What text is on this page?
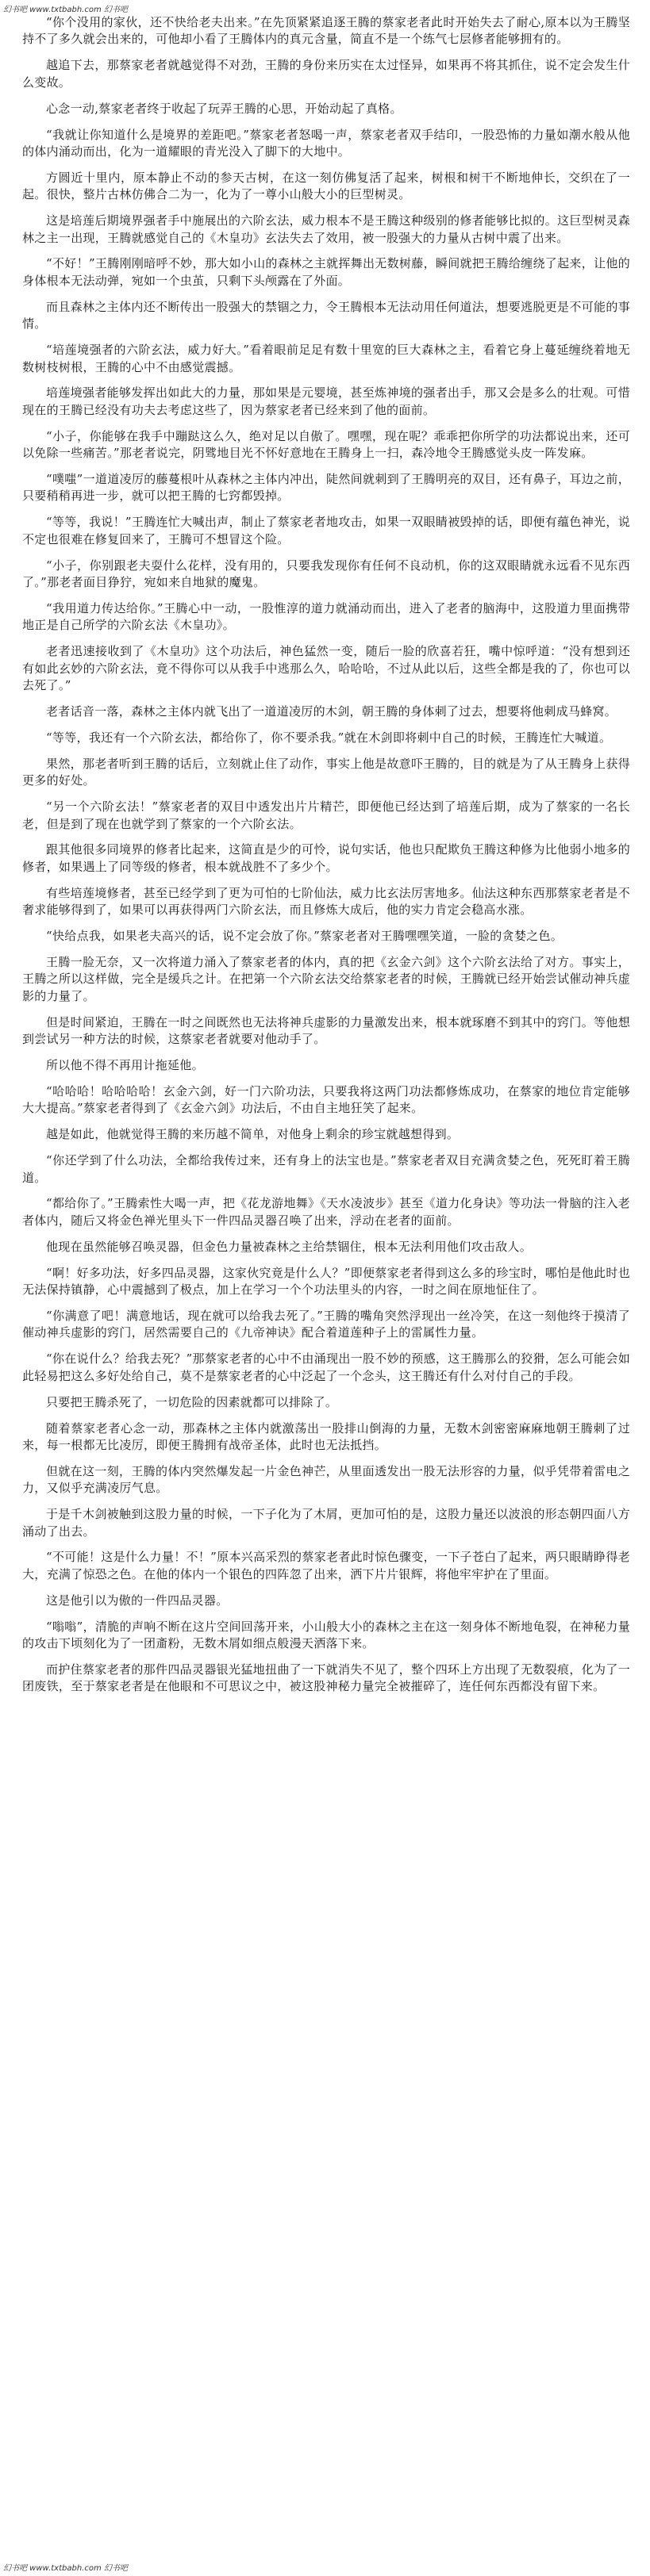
幻书吧 www.txtbabh.com 幻书吧

“你个没用的家伙，还不快给老夫出来。”在先顶紧紧追逐王腾的蔡家老者此时开始失去了耐心,原本以为王腾坚持不了多久就会出来的，可他却小看了王腾体内的真元含量，简直不是一个练气七层修者能够拥有的。

越追下去，那蔡家老者就越觉得不对劲，王腾的身份来历实在太过怪异，如果再不将其抓住，说不定会发生什么变故。

心念一动,蔡家老者终于收起了玩弄王腾的心思，开始动起了真格。

“我就让你知道什么是境界的差距吧。”蔡家老者怒喝一声，蔡家老者双手结印，一股恐怖的力量如潮水般从他的体内涌动而出，化为一道耀眼的青光没入了脚下的大地中。

方圆近十里内，原本静止不动的参天古树，在这一刻仿佛复活了起来，树根和树干不断地伸长，交织在了一起。很快，整片古林仿佛合二为一，化为了一尊小山般大小的巨型树灵。

这是培莲后期境界强者手中施展出的六阶玄法，威力根本不是王腾这种级别的修者能够比拟的。这巨型树灵森林之主一出现，王腾就感觉自己的《木皇功》玄法失去了效用，被一股强大的力量从古树中震了出来。

“不好！”王腾刚刚暗呼不妙，那大如小山的森林之主就挥舞出无数树藤，瞬间就把王腾给缠绕了起来，让他的身体根本无法动弹，宛如一个虫茧，只剩下头颅露在了外面。

而且森林之主体内还不断传出一股强大的禁锢之力，令王腾根本无法动用任何道法，想要逃脱更是不可能的事情。

“培莲境强者的六阶玄法，威力好大。”看着眼前足足有数十里宽的巨大森林之主，看着它身上蔓延缠绕着地无数树枝树根，王腾的心中不由感觉震撼。

培莲境强者能够发挥出如此大的力量，那如果是元婴境，甚至炼神境的强者出手，那又会是多么的壮观。可惜现在的王腾已经没有功夫去考虑这些了，因为蔡家老者已经来到了他的面前。

“小子，你能够在我手中蹦跶这么久，绝对足以自傲了。嘿嘿，现在呢？乖乖把你所学的功法都说出来，还可以免除一些痛苦。”那老者说完，阴骘地目光不怀好意地在王腾身上一扫，森冷地令王腾感觉头皮一阵发麻。

“噗嗤”一道道凌厉的藤蔓根叶从森林之主体内冲出，陡然间就刺到了王腾明亮的双目，还有鼻子，耳边之前，只要稍稍再进一步，就可以把王腾的七窍都毁掉。

“等等，我说！”王腾连忙大喊出声，制止了蔡家老者地攻击，如果一双眼睛被毁掉的话，即便有蕴色神光，说不定也很难在修复回来了，王腾可不想冒这个险。

“小子，你别跟老夫耍什么花样，没有用的，只要我发现你有任何不良动机，你的这双眼睛就永远看不见东西了。”那老者面目狰狞，宛如来自地狱的魔鬼。

“我用道力传达给你。”王腾心中一动，一股惟淳的道力就涌动而出，进入了老者的脑海中，这股道力里面携带地正是自己所学的六阶玄法《木皇功》。

老者迅速接收到了《木皇功》这个功法后，神色猛然一变，随后一脸的欣喜若狂，嘴中惊呼道：“没有想到还有如此玄妙的六阶玄法，竟不得你可以从我手中逃那么久，哈哈哈，不过从此以后，这些全都是我的了，你也可以去死了。”

老者话音一落，森林之主体内就飞出了一道道凌厉的木剑，朝王腾的身体刺了过去，想要将他刺成马蜂窝。

“等等，我还有一个六阶玄法，都给你了，你不要杀我。”就在木剑即将刺中自己的时候，王腾连忙大喊道。

果然，那老者听到王腾的话后，立刻就止住了动作，事实上他是故意吓王腾的，目的就是为了从王腾身上获得更多的好处。

“另一个六阶玄法！”蔡家老者的双目中透发出片片精芒，即便他已经达到了培莲后期，成为了蔡家的一名长老，但是到了现在也就学到了蔡家的一个六阶玄法。

跟其他很多同境界的修者比起来，这简直是少的可怜，说句实话，他也只配欺负王腾这种修为比他弱小地多的修者，如果遇上了同等级的修者，根本就战胜不了多少个。

有些培莲境修者，甚至已经学到了更为可怕的七阶仙法，威力比玄法厉害地多。仙法这种东西那蔡家老者是不奢求能够得到了，如果可以再获得两门六阶玄法，而且修炼大成后，他的实力肯定会稳高水涨。

“快给点我，如果老夫高兴的话，说不定会放了你。”蔡家老者对王腾嘿嘿笑道，一脸的贪婪之色。

王腾一脸无奈，又一次将道力涌入了蔡家老者的体内，真的把《玄金六剑》这个六阶玄法给了对方。事实上，王腾之所以这样做，完全是缓兵之计。在把第一个六阶玄法交给蔡家老者的时候，王腾就已经开始尝试催动神兵虚影的力量了。

但是时间紧迫，王腾在一时之间既然也无法将神兵虚影的力量激发出来，根本就琢磨不到其中的窍门。等他想到尝试另一种方法的时候，这蔡家老者就要对他动手了。

所以他不得不再用计拖延他。

“哈哈哈！哈哈哈哈！玄金六剑，好一门六阶功法，只要我将这两门功法都修炼成功，在蔡家的地位肯定能够大大提高。”蔡家老者得到了《玄金六剑》功法后，不由自主地狂笑了起来。

越是如此，他就觉得王腾的来历越不简单，对他身上剩余的珍宝就越想得到。

“你还学到了什么功法，全都给我传过来，还有身上的法宝也是。”蔡家老者双目充满贪婪之色，死死盯着王腾道。

“都给你了。”王腾索性大喝一声，把《花龙游地舞》《天水凌波步》甚至《道力化身诀》等功法一骨脑的注入老者体内，随后又将金色禅光里头下一件四品灵器召唤了出来，浮动在老者的面前。

他现在虽然能够召唤灵器，但金色力量被森林之主给禁锢住，根本无法利用他们攻击敌人。

“啊！好多功法，好多四品灵器，这家伙究竟是什么人？”即便蔡家老者得到这么多的珍宝时，哪怕是他此时也无法保持镇静，心中震撼到了极点，加上在学习一个个功法里头的内容，一时之间在原地怔住了。

“你满意了吧！满意地话，现在就可以给我去死了。”王腾的嘴角突然浮现出一丝冷笑，在这一刻他终于摸清了催动神兵虚影的窍门，居然需要自己的《九帝神诀》配合着道莲种子上的雷属性力量。

“你在说什么？给我去死？”那蔡家老者的心中不由涌现出一股不妙的预感，这王腾那么的狡猾，怎么可能会如此轻易把这么多好处给自己，莫不是蔡家老者的心中泛起了一个念头，这王腾还有什么对付自己的手段。

只要把王腾杀死了，一切危险的因素就都可以排除了。

随着蔡家老者心念一动，那森林之主体内就激荡出一股排山倒海的力量，无数木剑密密麻麻地朝王腾刺了过来，每一根都无比凌厉，即便王腾拥有战帝圣体，此时也无法抵挡。

但就在这一刻，王腾的体内突然爆发起一片金色神芒，从里面透发出一股无法形容的力量，似乎凭带着雷电之力，又似乎充满凌厉气息。

于是千木剑被触到这股力量的时候，一下子化为了木屑，更加可怕的是，这股力量还以波浪的形态朝四面八方涌动了出去。

“不可能！这是什么力量！不！”原本兴高采烈的蔡家老者此时惊色骤变，一下子苍白了起来，两只眼睛睁得老大，充满了惊恐之色。在他的体内一个银色的四阵忽了出来，洒下片片银辉，将他牢牢护在了里面。

这是他引以为傲的一件四品灵器。

“嗡嗡”，清脆的声响不断在这片空间回荡开来，小山般大小的森林之主在这一刻身体不断地龟裂，在神秘力量的攻击下顷刻化为了一团齑粉，无数木屑如细点般漫天洒落下来。

而护住蔡家老者的那件四品灵器银光猛地扭曲了一下就消失不见了，整个四环上方出现了无数裂痕，化为了一团废铁，至于蔡家老者是在他眼和不可思议之中，被这股神秘力量完全被摧碎了，连任何东西都没有留下来。

幻书吧 www.txtbabh.com 幻书吧
